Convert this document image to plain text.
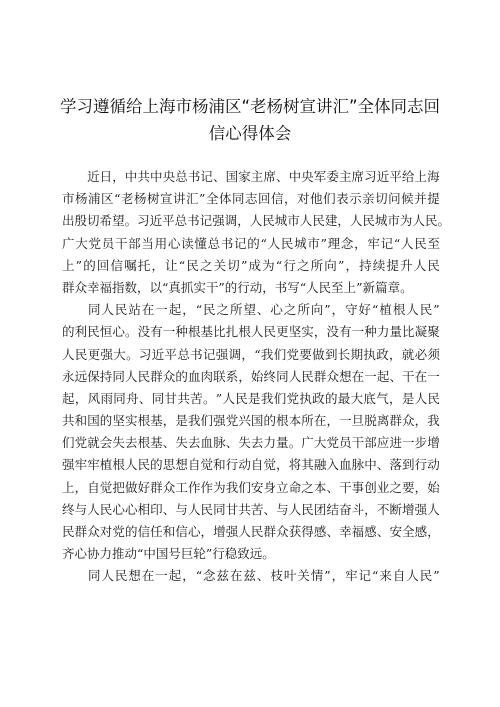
学习遵循给上海市杨浦区“老杨树宣讲汇”全体同志回
信心得体会
近 日 ， 中 共 中 央 总 书 记 、 国 家 主 席 、 中 央 军 委 主 席 习 近 平 给 上 海
市 杨 浦 区 “ 老 杨 树 宣 讲 汇 ” 全 体 同 志 回 信 ， 对 他 们 表 示 亲 切 问 候 并 提
出 殷 切 希 望 。 习 近 平 总 书 记 强 调 ， 人 民 城 市 人 民 建 ， 人 民 城 市 为 人 民 。
广 大 党 员 干 部 当 用 心 读 懂 总 书 记 的 “ 人 民 城 市 ” 理 念 ， 牢 记 “ 人 民 至
上 ” 的 回 信 嘱 托 ， 让 “ 民 之 关 切 ” 成 为 “ 行 之 所 向 ” ， 持 续 提 升 人 民
群众幸福指数，以“真抓实干”的行动，书写“人民至上”新篇章。
同 人 民 站 在 一 起 ， “ 民 之 所 望 、 心 之 所 向 ” ， 守 好 “ 植 根 人 民 ”
的 利 民 恒 心 。 没 有 一 种 根 基 比 扎 根 人 民 更 坚 实 ， 没 有 一 种 力 量 比 凝 聚
人 民 更 强 大 。 习 近 平 总 书 记 强 调 ， “ 我 们 党 要 做 到 长 期 执 政 ， 就 必 须
永 远 保 持 同 人 民 群 众 的 血 肉 联 系 ， 始 终 同 人 民 群 众 想 在 一 起 、 干 在 一
起 ， 风 雨 同 舟 、 同 甘 共 苦 。 ” 人 民 是 我 们 党 执 政 的 最 大 底 气 ， 是 人 民
共 和 国 的 坚 实 根 基 ， 是 我 们 强 党 兴 国 的 根 本 所 在 ， 一 旦 脱 离 群 众 ， 我
们 党 就 会 失 去 根 基 、 失 去 血 脉 、 失 去 力 量 。 广 大 党 员 干 部 应 进 一 步 增
强 牢 牢 植 根 人 民 的 思 想 自 觉 和 行 动 自 觉 ， 将 其 融 入 血 脉 中 、 落 到 行 动
上 ， 自 觉 把 做 好 群 众 工 作 作 为 我 们 安 身 立 命 之 本 、 干 事 创 业 之 要 ， 始
终 与 人 民 心 心 相 印 、 与 人 民 同 甘 共 苦 、 与 人 民 团 结 奋 斗 ， 不 断 增 强 人
民 群 众 对 党 的 信 任 和 信 心 ， 增 强 人 民 群 众 获 得 感 、 幸 福 感 、 安 全 感 ，
齐心协力推动“中国号巨轮”行稳致远。
同 人 民 想 在 一 起 ， “ 念 兹 在 兹 、 枝 叶 关 情 ” ， 牢 记 “ 来 自 人 民 ”
